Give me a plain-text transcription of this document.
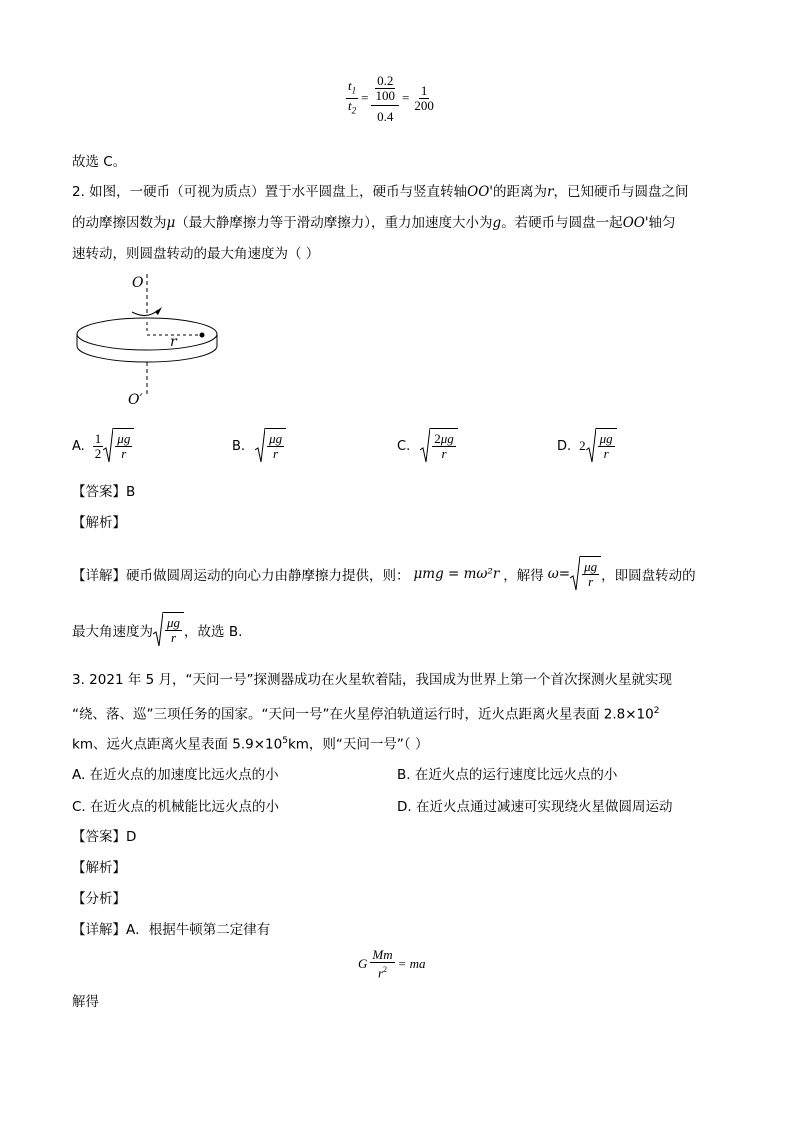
$\frac{t_1}{t_2} = \frac{\frac{0.2}{100}}{0.4} = \frac{1}{200}$
故选 C。
2. 如图，一硬币（可视为质点）置于水平圆盘上，硬币与竖直转轴OO'的距离为r，已知硬币与圆盘之间
的动摩擦因数为μ（最大静摩擦力等于滑动摩擦力），重力加速度大小为g。若硬币与圆盘一起OO'轴匀
速转动，则圆盘转动的最大角速度为（ ）
O
r
O′
A. $\frac{1}{2} \frac{\mu g}{r}$	B. $\frac{\mu g}{r}$	C. $\frac{2\mu g}{r}$	D. $2 \frac{\mu g}{r}$
【答案】B
【解析】
【详解】硬币做圆周运动的向心力由静摩擦力提供，则： μmg = mω²r ，解得 $\omega= \frac{\mu g}{r}$ ，即圆盘转动的
最大角速度为 $\frac{\mu g}{r}$ ，故选 B.
3. 2021 年 5 月，“天问一号”探测器成功在火星软着陆，我国成为世界上第一个首次探测火星就实现
“绕、落、巡”三项任务的国家。“天问一号”在火星停泊轨道运行时，近火点距离火星表面 $2.8\times 10^2$
km、远火点距离火星表面 $5.9\times 10^5km$，则“天问一号”（ ）
A. 在近火点的加速度比远火点的小	B. 在近火点的运行速度比远火点的小
C. 在近火点的机械能比远火点的小	D. 在近火点通过减速可实现绕火星做圆周运动
【答案】D
【解析】
【分析】
【详解】A．根据牛顿第二定律有
G $\frac{Mm}{r^2}$ = ma
解得
